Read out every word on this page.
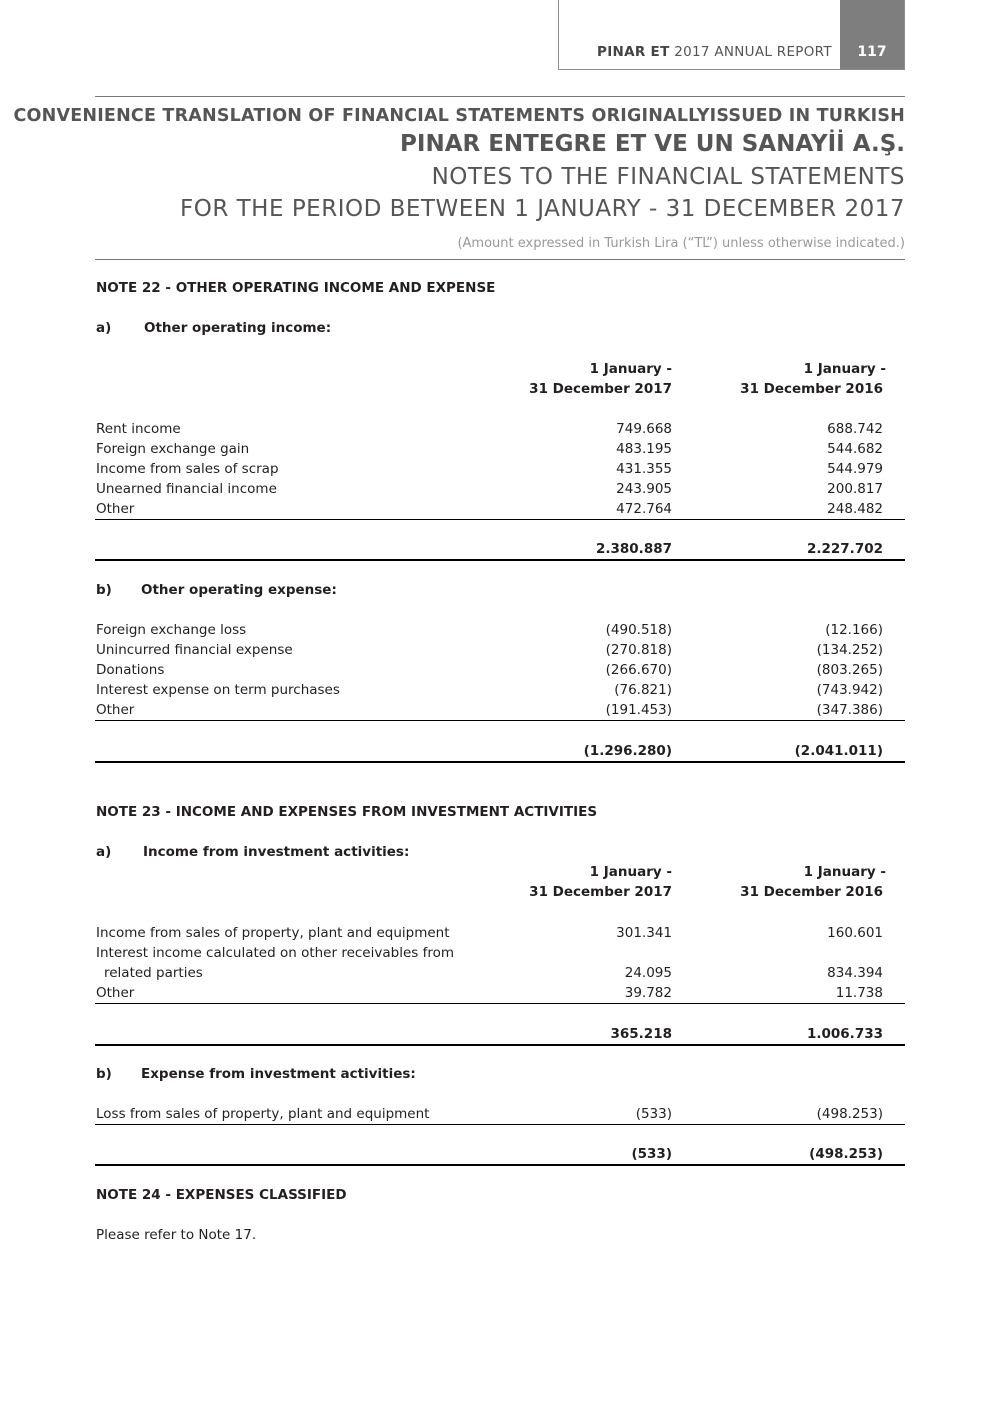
PINAR ET 2017 ANNUAL REPORT	117
CONVENIENCE TRANSLATION OF FINANCIAL STATEMENTS ORIGINALLYISSUED IN TURKISH
PINAR ENTEGRE ET VE UN SANAYİİ A.Ş.
NOTES TO THE FINANCIAL STATEMENTS
FOR THE PERIOD BETWEEN 1 JANUARY - 31 DECEMBER 2017
(Amount expressed in Turkish Lira (“TL”) unless otherwise indicated.)
NOTE 22 - OTHER OPERATING INCOME AND EXPENSE
a) Other operating income:
1 January -
31 December 2017
1 January -
31 December 2016
Rent income	749.668	688.742
Foreign exchange gain	483.195	544.682
Income from sales of scrap	431.355	544.979
Unearned financial income	243.905	200.817
Other	472.764	248.482
2.380.887	2.227.702
b) Other operating expense:
Foreign exchange loss	(490.518)	(12.166)
Unincurred financial expense	(270.818)	(134.252)
Donations	(266.670)	(803.265)
Interest expense on term purchases	(76.821)	(743.942)
Other	(191.453)	(347.386)
(1.296.280)	(2.041.011)
NOTE 23 - INCOME AND EXPENSES FROM INVESTMENT ACTIVITIES
a) Income from investment activities:
1 January -
31 December 2017
1 January -
31 December 2016
Income from sales of property, plant and equipment	301.341	160.601
Interest income calculated on other receivables from
related parties	24.095	834.394
Other	39.782	11.738
365.218	1.006.733
b) Expense from investment activities:
Loss from sales of property, plant and equipment	(533)	(498.253)
(533)	(498.253)
NOTE 24 - EXPENSES CLASSIFIED
Please refer to Note 17.
